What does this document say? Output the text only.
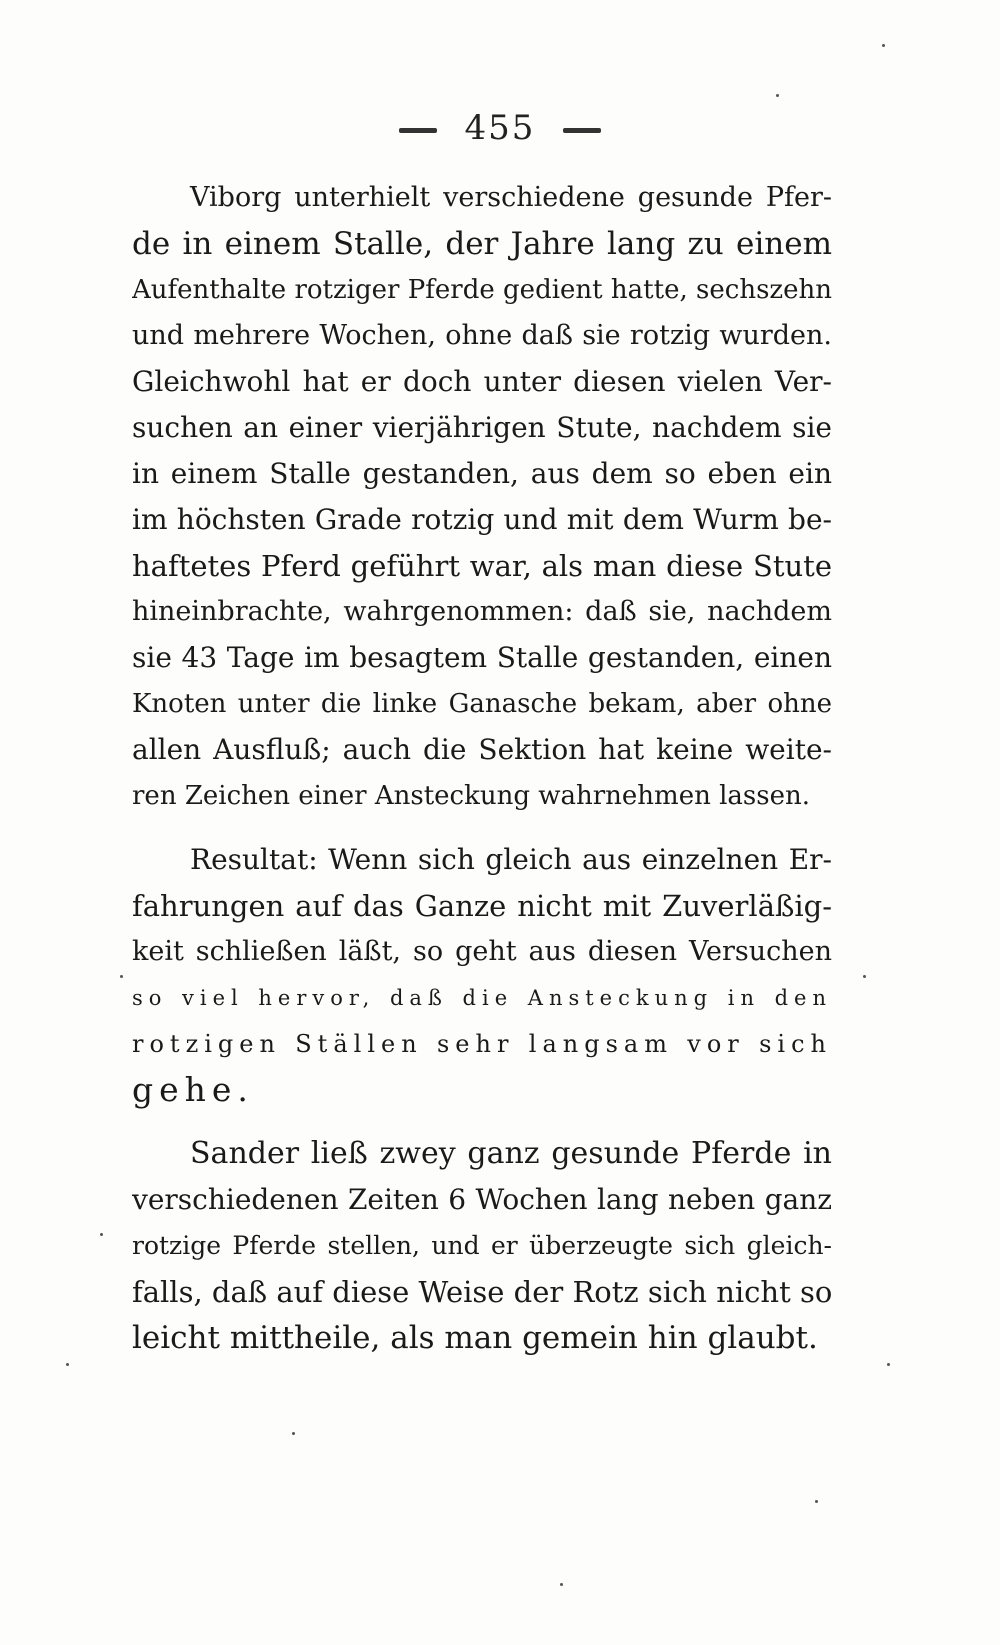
455

Viborg unterhielt verschiedene gesunde Pfer-
de in einem Stalle, der Jahre lang zu einem
Aufenthalte rotziger Pferde gedient hatte, sechszehn
und mehrere Wochen, ohne daß sie rotzig wurden.
Gleichwohl hat er doch unter diesen vielen Ver-
suchen an einer vierjährigen Stute, nachdem sie
in einem Stalle gestanden, aus dem so eben ein
im höchsten Grade rotzig und mit dem Wurm be-
haftetes Pferd geführt war, als man diese Stute
hineinbrachte, wahrgenommen: daß sie, nachdem
sie 43 Tage im besagtem Stalle gestanden, einen
Knoten unter die linke Ganasche bekam, aber ohne
allen Ausfluß; auch die Sektion hat keine weite-
ren Zeichen einer Ansteckung wahrnehmen lassen.

Resultat: Wenn sich gleich aus einzelnen Er-
fahrungen auf das Ganze nicht mit Zuverläßig-
keit schließen läßt, so geht aus diesen Versuchen
so viel hervor, daß die Ansteckung in den
rotzigen Ställen sehr langsam vor sich
gehe.

Sander ließ zwey ganz gesunde Pferde in
verschiedenen Zeiten 6 Wochen lang neben ganz
rotzige Pferde stellen, und er überzeugte sich gleich-
falls, daß auf diese Weise der Rotz sich nicht so
leicht mittheile, als man gemein hin glaubt.
